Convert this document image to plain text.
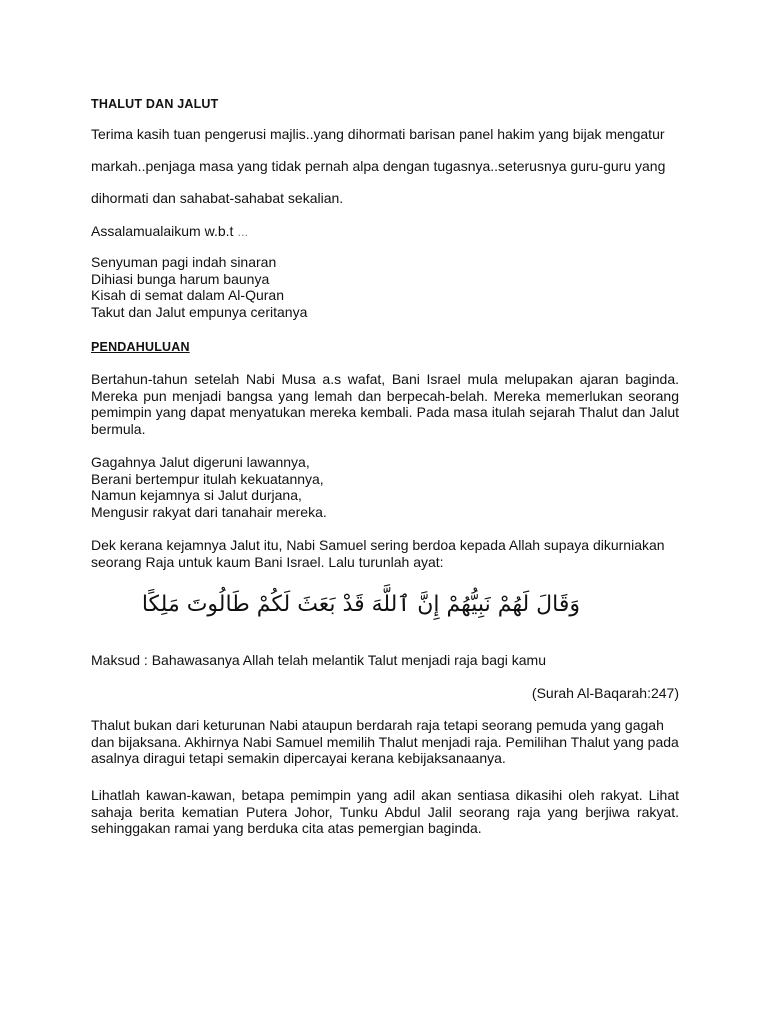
THALUT DAN JALUT
Terima kasih tuan pengerusi majlis..yang dihormati barisan panel hakim yang bijak mengatur
markah..penjaga masa yang tidak pernah alpa dengan tugasnya..seterusnya guru-guru yang
dihormati dan sahabat-sahabat sekalian.
Assalamualaikum w.b.t …
Senyuman pagi indah sinaran
Dihiasi bunga harum baunya
Kisah di semat dalam Al-Quran
Takut dan Jalut empunya ceritanya
PENDAHULUAN
Bertahun-tahun setelah Nabi Musa a.s wafat, Bani Israel mula melupakan ajaran baginda. Mereka pun menjadi bangsa yang lemah dan berpecah-belah. Mereka memerlukan seorang pemimpin yang dapat menyatukan mereka kembali. Pada masa itulah sejarah Thalut dan Jalut bermula.
Gagahnya Jalut digeruni lawannya,
Berani bertempur itulah kekuatannya,
Namun kejamnya si Jalut durjana,
Mengusir rakyat dari tanahair mereka.
Dek kerana kejamnya Jalut itu, Nabi Samuel sering berdoa kepada Allah supaya dikurniakan
seorang Raja untuk kaum Bani Israel. Lalu turunlah ayat:
وَقَالَ لَهُمْ نَبِيُّهُمْ إِنَّ ٱللَّهَ قَدْ بَعَثَ لَكُمْ طَالُوتَ مَلِكًا
Maksud : Bahawasanya Allah telah melantik Talut menjadi raja bagi kamu
(Surah Al-Baqarah:247)
Thalut bukan dari keturunan Nabi ataupun berdarah raja tetapi seorang pemuda yang gagah
dan bijaksana. Akhirnya Nabi Samuel memilih Thalut menjadi raja. Pemilihan Thalut yang pada
asalnya diragui tetapi semakin dipercayai kerana kebijaksanaanya.
Lihatlah kawan-kawan, betapa pemimpin yang adil akan sentiasa dikasihi oleh rakyat. Lihat sahaja berita kematian Putera Johor, Tunku Abdul Jalil seorang raja yang berjiwa rakyat. sehinggakan ramai yang berduka cita atas pemergian baginda.
